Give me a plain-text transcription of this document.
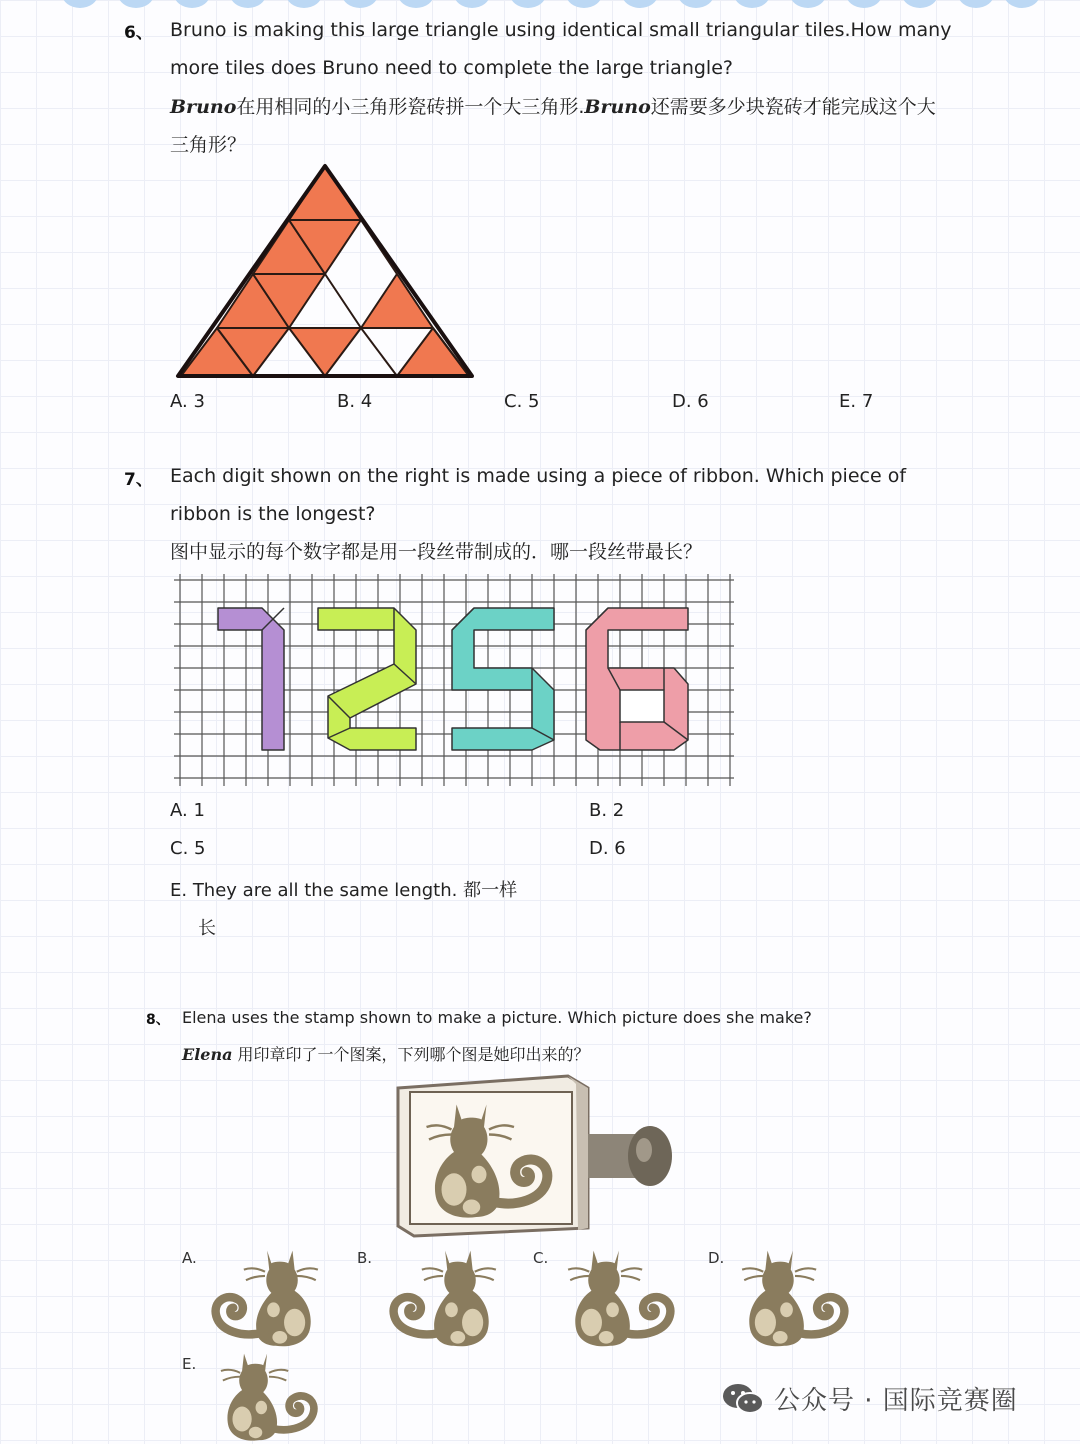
6、 Bruno is making this large triangle using identical small triangular tiles.How many
more tiles does Bruno need to complete the large triangle?
Bruno在用相同的小三角形瓷砖拼一个大三角形.Bruno还需要多少块瓷砖才能完成这个大
三角形？
A. 3	B. 4	C. 5	D. 6	E. 7
7、 Each digit shown on the right is made using a piece of ribbon. Which piece of
ribbon is the longest?
图中显示的每个数字都是用一段丝带制成的．哪一段丝带最长？
A. 1	B. 2
C. 5	D. 6
E. They are all the same length. 都一样
长
8、 Elena uses the stamp shown to make a picture. Which picture does she make?
Elena 用印章印了一个图案，下列哪个图是她印出来的？
A.	B.	C.	D.
E.
公众号 · 国际竞赛圈
